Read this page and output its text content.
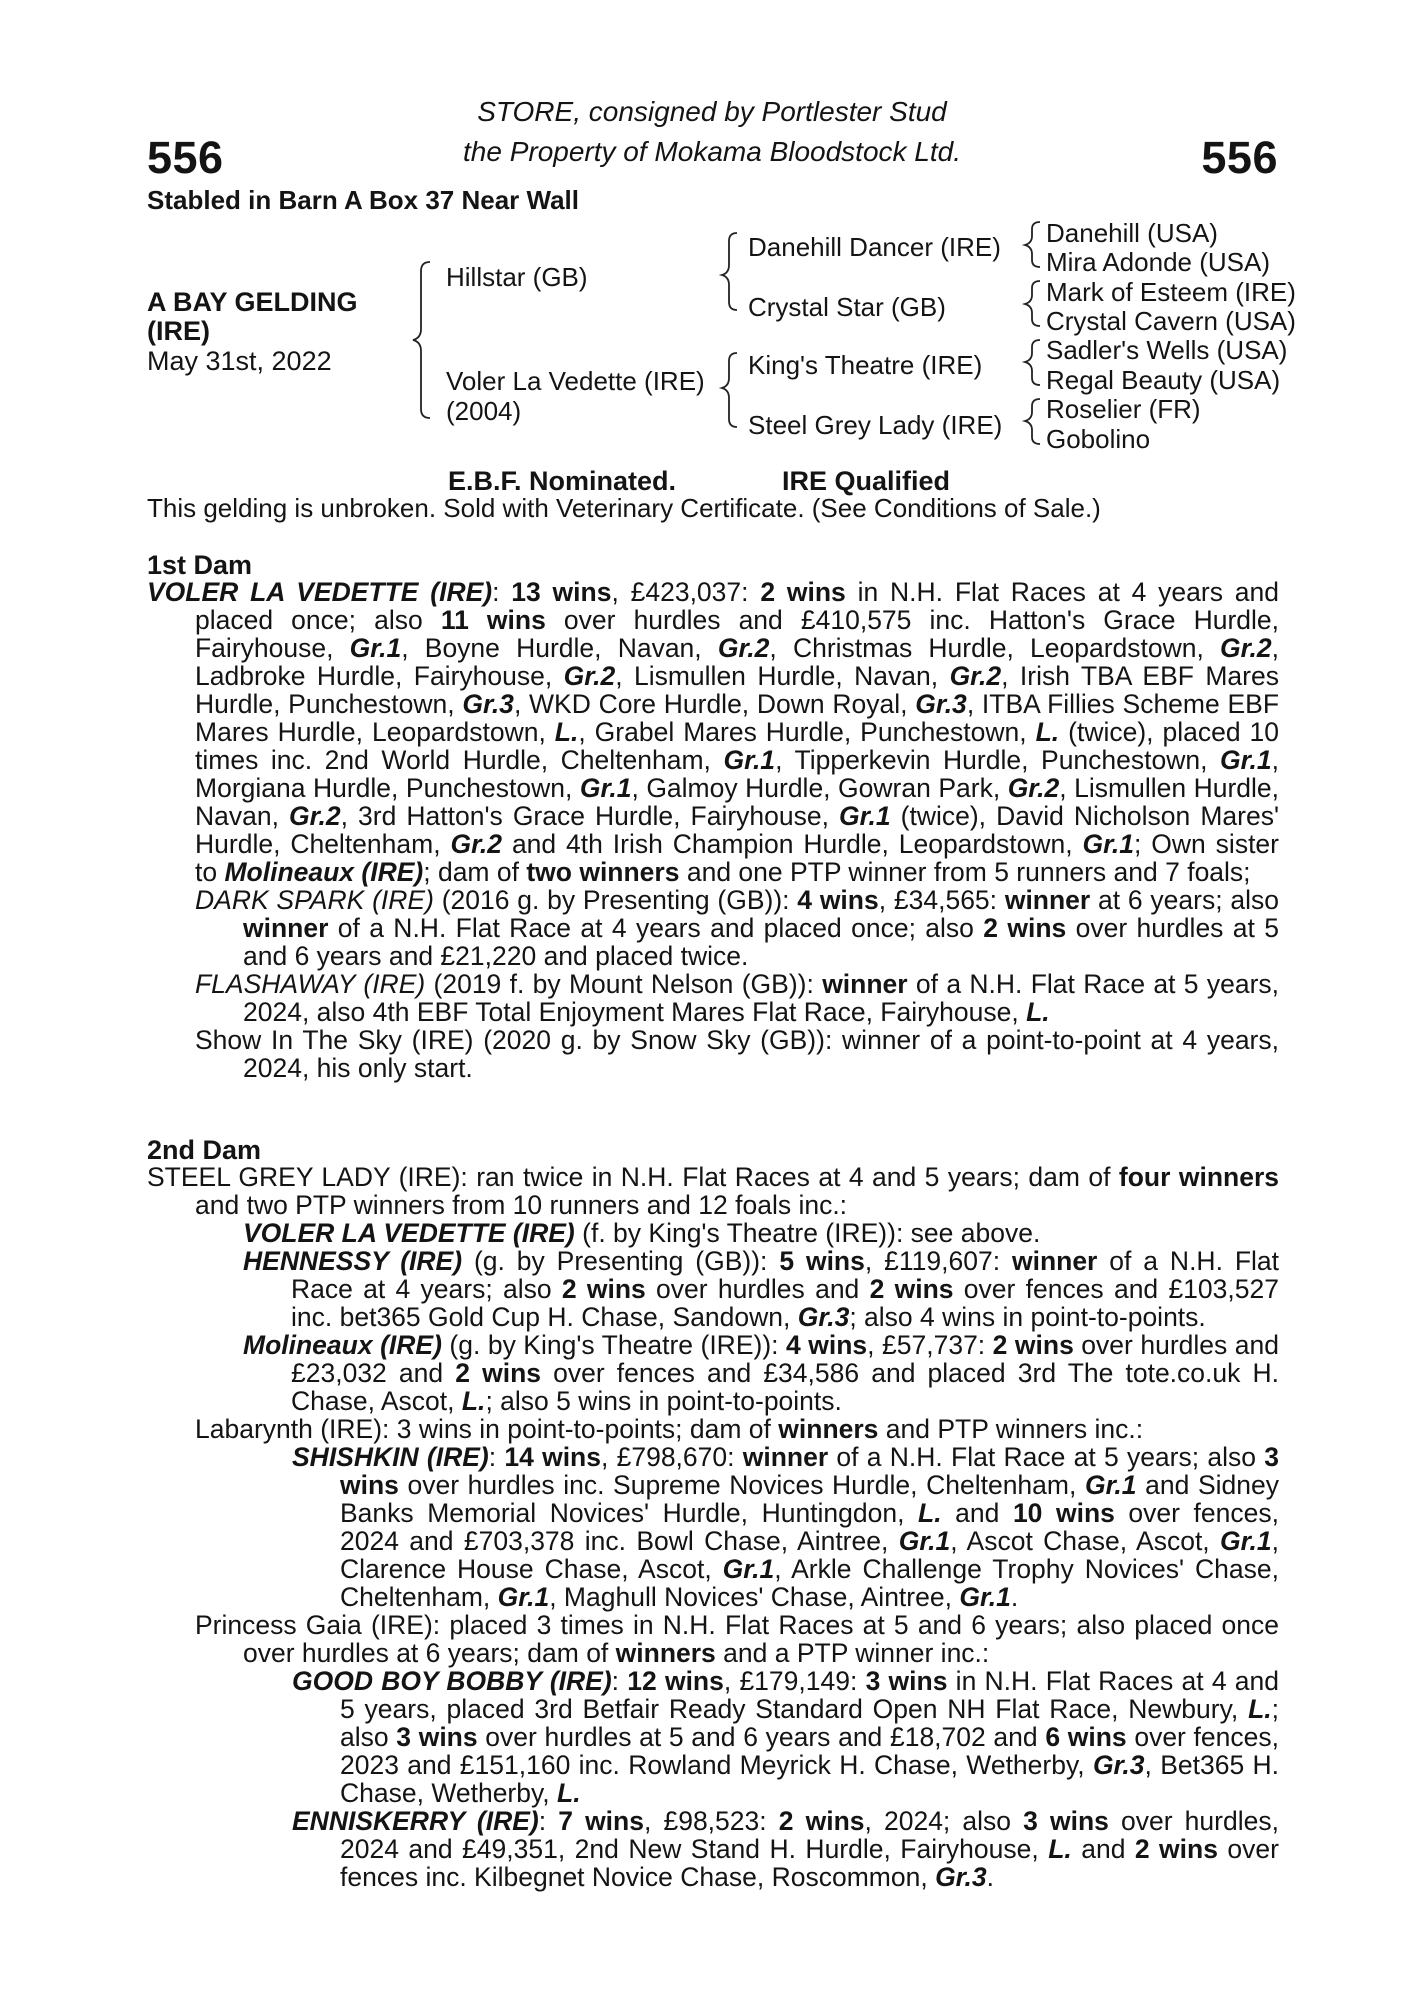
556	556
STORE, consigned by Portlester Stud
the Property of Mokama Bloodstock Ltd.
Stabled in Barn A Box 37 Near Wall
A BAY GELDING
(IRE)
May 31st, 2022
Hillstar (GB)
Voler La Vedette (IRE)
(2004)
Danehill Dancer (IRE)
Crystal Star (GB)
King's Theatre (IRE)
Steel Grey Lady (IRE)
Danehill (USA)
Mira Adonde (USA)
Mark of Esteem (IRE)
Crystal Cavern (USA)
Sadler's Wells (USA)
Regal Beauty (USA)
Roselier (FR)
Gobolino
E.B.F. Nominated.	IRE Qualified
This gelding is unbroken. Sold with Veterinary Certificate. (See Conditions of Sale.)
1st Dam

VOLER LA VEDETTE (IRE): 13 wins, £423,037: 2 wins in N.H. Flat Races at 4 years and placed once; also 11 wins over hurdles and £410,575 inc. Hatton's Grace Hurdle, Fairyhouse, Gr.1, Boyne Hurdle, Navan, Gr.2, Christmas Hurdle, Leopardstown, Gr.2, Ladbroke Hurdle, Fairyhouse, Gr.2, Lismullen Hurdle, Navan, Gr.2, Irish TBA EBF Mares Hurdle, Punchestown, Gr.3, WKD Core Hurdle, Down Royal, Gr.3, ITBA Fillies Scheme EBF Mares Hurdle, Leopardstown, L., Grabel Mares Hurdle, Punchestown, L. (twice), placed 10 times inc. 2nd World Hurdle, Cheltenham, Gr.1, Tipperkevin Hurdle, Punchestown, Gr.1, Morgiana Hurdle, Punchestown, Gr.1, Galmoy Hurdle, Gowran Park, Gr.2, Lismullen Hurdle, Navan, Gr.2, 3rd Hatton's Grace Hurdle, Fairyhouse, Gr.1 (twice), David Nicholson Mares' Hurdle, Cheltenham, Gr.2 and 4th Irish Champion Hurdle, Leopardstown, Gr.1; Own sister to Molineaux (IRE); dam of two winners and one PTP winner from 5 runners and 7 foals;

DARK SPARK (IRE) (2016 g. by Presenting (GB)): 4 wins, £34,565: winner at 6 years; also winner of a N.H. Flat Race at 4 years and placed once; also 2 wins over hurdles at 5 and 6 years and £21,220 and placed twice.

FLASHAWAY (IRE) (2019 f. by Mount Nelson (GB)): winner of a N.H. Flat Race at 5 years, 2024, also 4th EBF Total Enjoyment Mares Flat Race, Fairyhouse, L.

Show In The Sky (IRE) (2020 g. by Snow Sky (GB)): winner of a point-to-point at 4 years, 2024, his only start.

2nd Dam

STEEL GREY LADY (IRE): ran twice in N.H. Flat Races at 4 and 5 years; dam of four winners and two PTP winners from 10 runners and 12 foals inc.:

VOLER LA VEDETTE (IRE) (f. by King's Theatre (IRE)): see above.

HENNESSY (IRE) (g. by Presenting (GB)): 5 wins, £119,607: winner of a N.H. Flat Race at 4 years; also 2 wins over hurdles and 2 wins over fences and £103,527 inc. bet365 Gold Cup H. Chase, Sandown, Gr.3; also 4 wins in point-to-points.

Molineaux (IRE) (g. by King's Theatre (IRE)): 4 wins, £57,737: 2 wins over hurdles and £23,032 and 2 wins over fences and £34,586 and placed 3rd The tote.co.uk H. Chase, Ascot, L.; also 5 wins in point-to-points.

Labarynth (IRE): 3 wins in point-to-points; dam of winners and PTP winners inc.:

SHISHKIN (IRE): 14 wins, £798,670: winner of a N.H. Flat Race at 5 years; also 3 wins over hurdles inc. Supreme Novices Hurdle, Cheltenham, Gr.1 and Sidney Banks Memorial Novices' Hurdle, Huntingdon, L. and 10 wins over fences, 2024 and £703,378 inc. Bowl Chase, Aintree, Gr.1, Ascot Chase, Ascot, Gr.1, Clarence House Chase, Ascot, Gr.1, Arkle Challenge Trophy Novices' Chase, Cheltenham, Gr.1, Maghull Novices' Chase, Aintree, Gr.1.

Princess Gaia (IRE): placed 3 times in N.H. Flat Races at 5 and 6 years; also placed once over hurdles at 6 years; dam of winners and a PTP winner inc.:

GOOD BOY BOBBY (IRE): 12 wins, £179,149: 3 wins in N.H. Flat Races at 4 and 5 years, placed 3rd Betfair Ready Standard Open NH Flat Race, Newbury, L.; also 3 wins over hurdles at 5 and 6 years and £18,702 and 6 wins over fences, 2023 and £151,160 inc. Rowland Meyrick H. Chase, Wetherby, Gr.3, Bet365 H. Chase, Wetherby, L.

ENNISKERRY (IRE): 7 wins, £98,523: 2 wins, 2024; also 3 wins over hurdles, 2024 and £49,351, 2nd New Stand H. Hurdle, Fairyhouse, L. and 2 wins over fences inc. Kilbegnet Novice Chase, Roscommon, Gr.3.
